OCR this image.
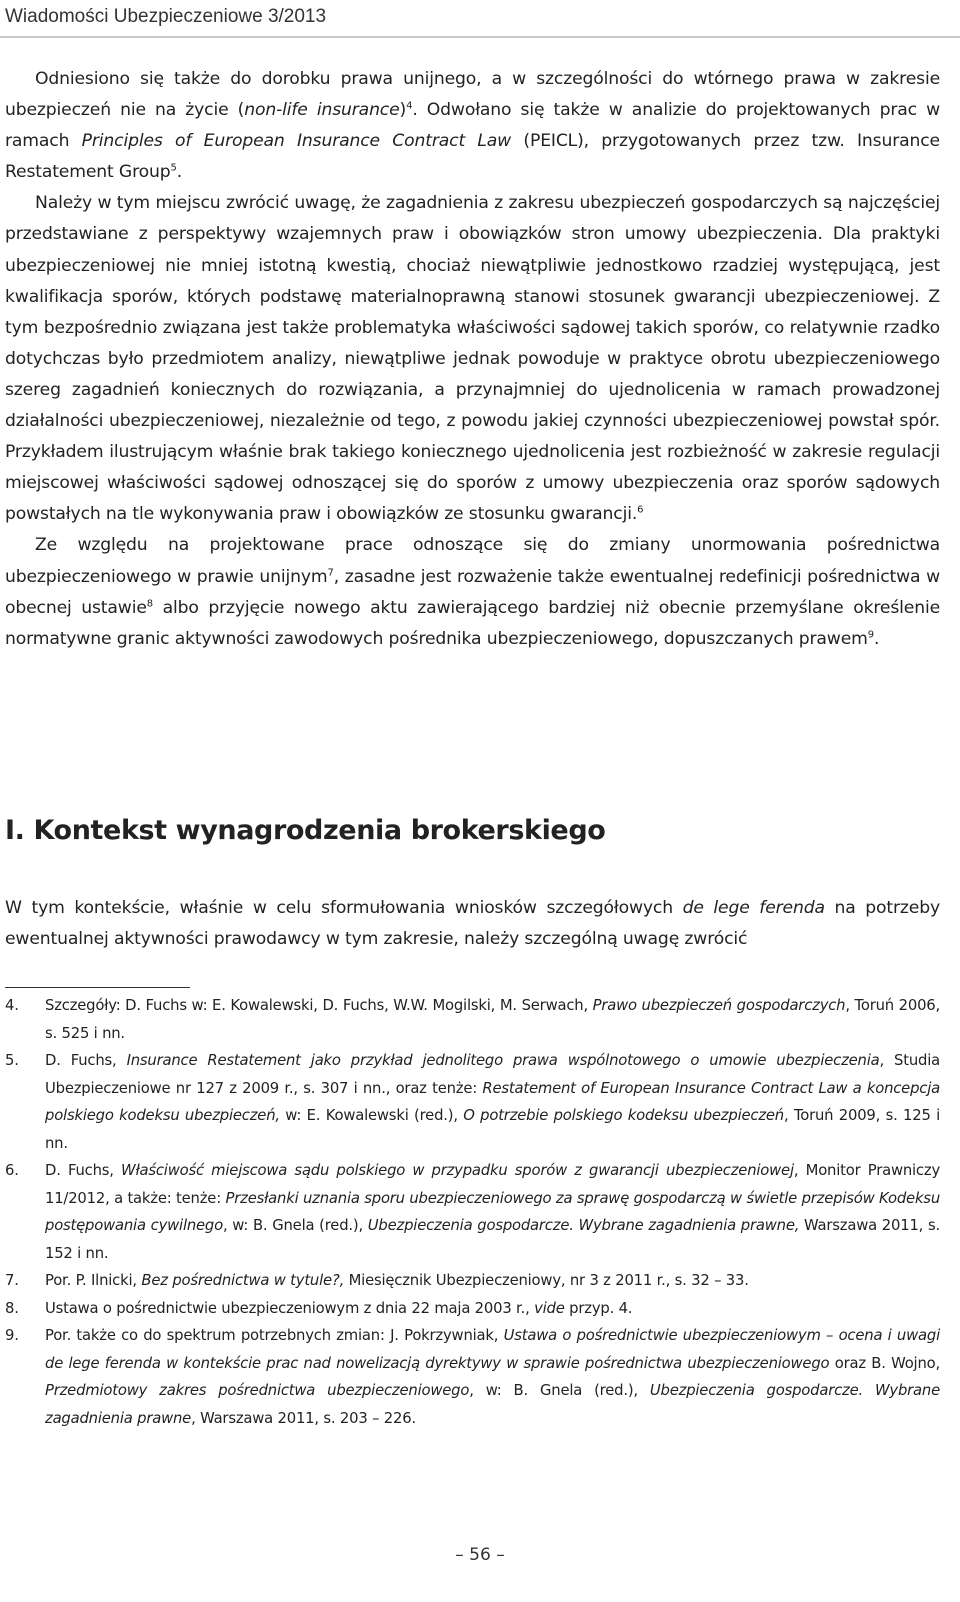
Wiadomości Ubezpieczeniowe 3/2013

Odniesiono się także do dorobku prawa unijnego, a w szczególności do wtórnego prawa w zakresie ubezpieczeń nie na życie (non-life insurance)$^4$. Odwołano się także w analizie do projektowanych prac w ramach Principles of European Insurance Contract Law (PEICL), przygotowanych przez tzw. Insurance Restatement Group$^5$.

Należy w tym miejscu zwrócić uwagę, że zagadnienia z zakresu ubezpieczeń gospodarczych są najczęściej przedstawiane z perspektywy wzajemnych praw i obowiązków stron umowy ubezpieczenia. Dla praktyki ubezpieczeniowej nie mniej istotną kwestią, chociaż niewątpliwie jednostkowo rzadziej występującą, jest kwalifikacja sporów, których podstawę materialnoprawną stanowi stosunek gwarancji ubezpieczeniowej. Z tym bezpośrednio związana jest także problematyka właściwości sądowej takich sporów, co relatywnie rzadko dotychczas było przedmiotem analizy, niewątpliwe jednak powoduje w praktyce obrotu ubezpieczeniowego szereg zagadnień koniecznych do rozwiązania, a przynajmniej do ujednolicenia w ramach prowadzonej działalności ubezpieczeniowej, niezależnie od tego, z powodu jakiej czynności ubezpieczeniowej powstał spór. Przykładem ilustrującym właśnie brak takiego koniecznego ujednolicenia jest rozbieżność w zakresie regulacji miejscowej właściwości sądowej odnoszącej się do sporów z umowy ubezpieczenia oraz sporów sądowych powstałych na tle wykonywania praw i obowiązków ze stosunku gwarancji.$^6$

Ze względu na projektowane prace odnoszące się do zmiany unormowania pośrednictwa ubezpieczeniowego w prawie unijnym$^7$, zasadne jest rozważenie także ewentualnej redefinicji pośrednictwa w obecnej ustawie$^8$ albo przyjęcie nowego aktu zawierającego bardziej niż obecnie przemyślane określenie normatywne granic aktywności zawodowych pośrednika ubezpieczeniowego, dopuszczanych prawem$^9$.

I. Kontekst wynagrodzenia brokerskiego

W tym kontekście, właśnie w celu sformułowania wniosków szczegółowych de lege ferenda na potrzeby ewentualnej aktywności prawodawcy w tym zakresie, należy szczególną uwagę zwrócić

4.	Szczegóły: D. Fuchs w: E. Kowalewski, D. Fuchs, W.W. Mogilski, M. Serwach, Prawo ubezpieczeń gospodarczych, Toruń 2006, s. 525 i nn.
5.	D. Fuchs, Insurance Restatement jako przykład jednolitego prawa wspólnotowego o umowie ubezpieczenia, Studia Ubezpieczeniowe nr 127 z 2009 r., s. 307 i nn., oraz tenże: Restatement of European Insurance Contract Law a koncepcja polskiego kodeksu ubezpieczeń, w: E. Kowalewski (red.), O potrzebie polskiego kodeksu ubezpieczeń, Toruń 2009, s. 125 i nn.
6.	D. Fuchs, Właściwość miejscowa sądu polskiego w przypadku sporów z gwarancji ubezpieczeniowej, Monitor Prawniczy 11/2012, a także: tenże: Przesłanki uznania sporu ubezpieczeniowego za sprawę gospodarczą w świetle przepisów Kodeksu postępowania cywilnego, w: B. Gnela (red.), Ubezpieczenia gospodarcze. Wybrane zagadnienia prawne, Warszawa 2011, s. 152 i nn.
7.	Por. P. Ilnicki, Bez pośrednictwa w tytule?, Miesięcznik Ubezpieczeniowy, nr 3 z 2011 r., s. 32 – 33.
8.	Ustawa o pośrednictwie ubezpieczeniowym z dnia 22 maja 2003 r., vide przyp. 4.
9.	Por. także co do spektrum potrzebnych zmian: J. Pokrzywniak, Ustawa o pośrednictwie ubezpieczeniowym – ocena i uwagi de lege ferenda w kontekście prac nad nowelizacją dyrektywy w sprawie pośrednictwa ubezpieczeniowego oraz B. Wojno, Przedmiotowy zakres pośrednictwa ubezpieczeniowego, w: B. Gnela (red.), Ubezpieczenia gospodarcze. Wybrane zagadnienia prawne, Warszawa 2011, s. 203 – 226.
– 56 –
